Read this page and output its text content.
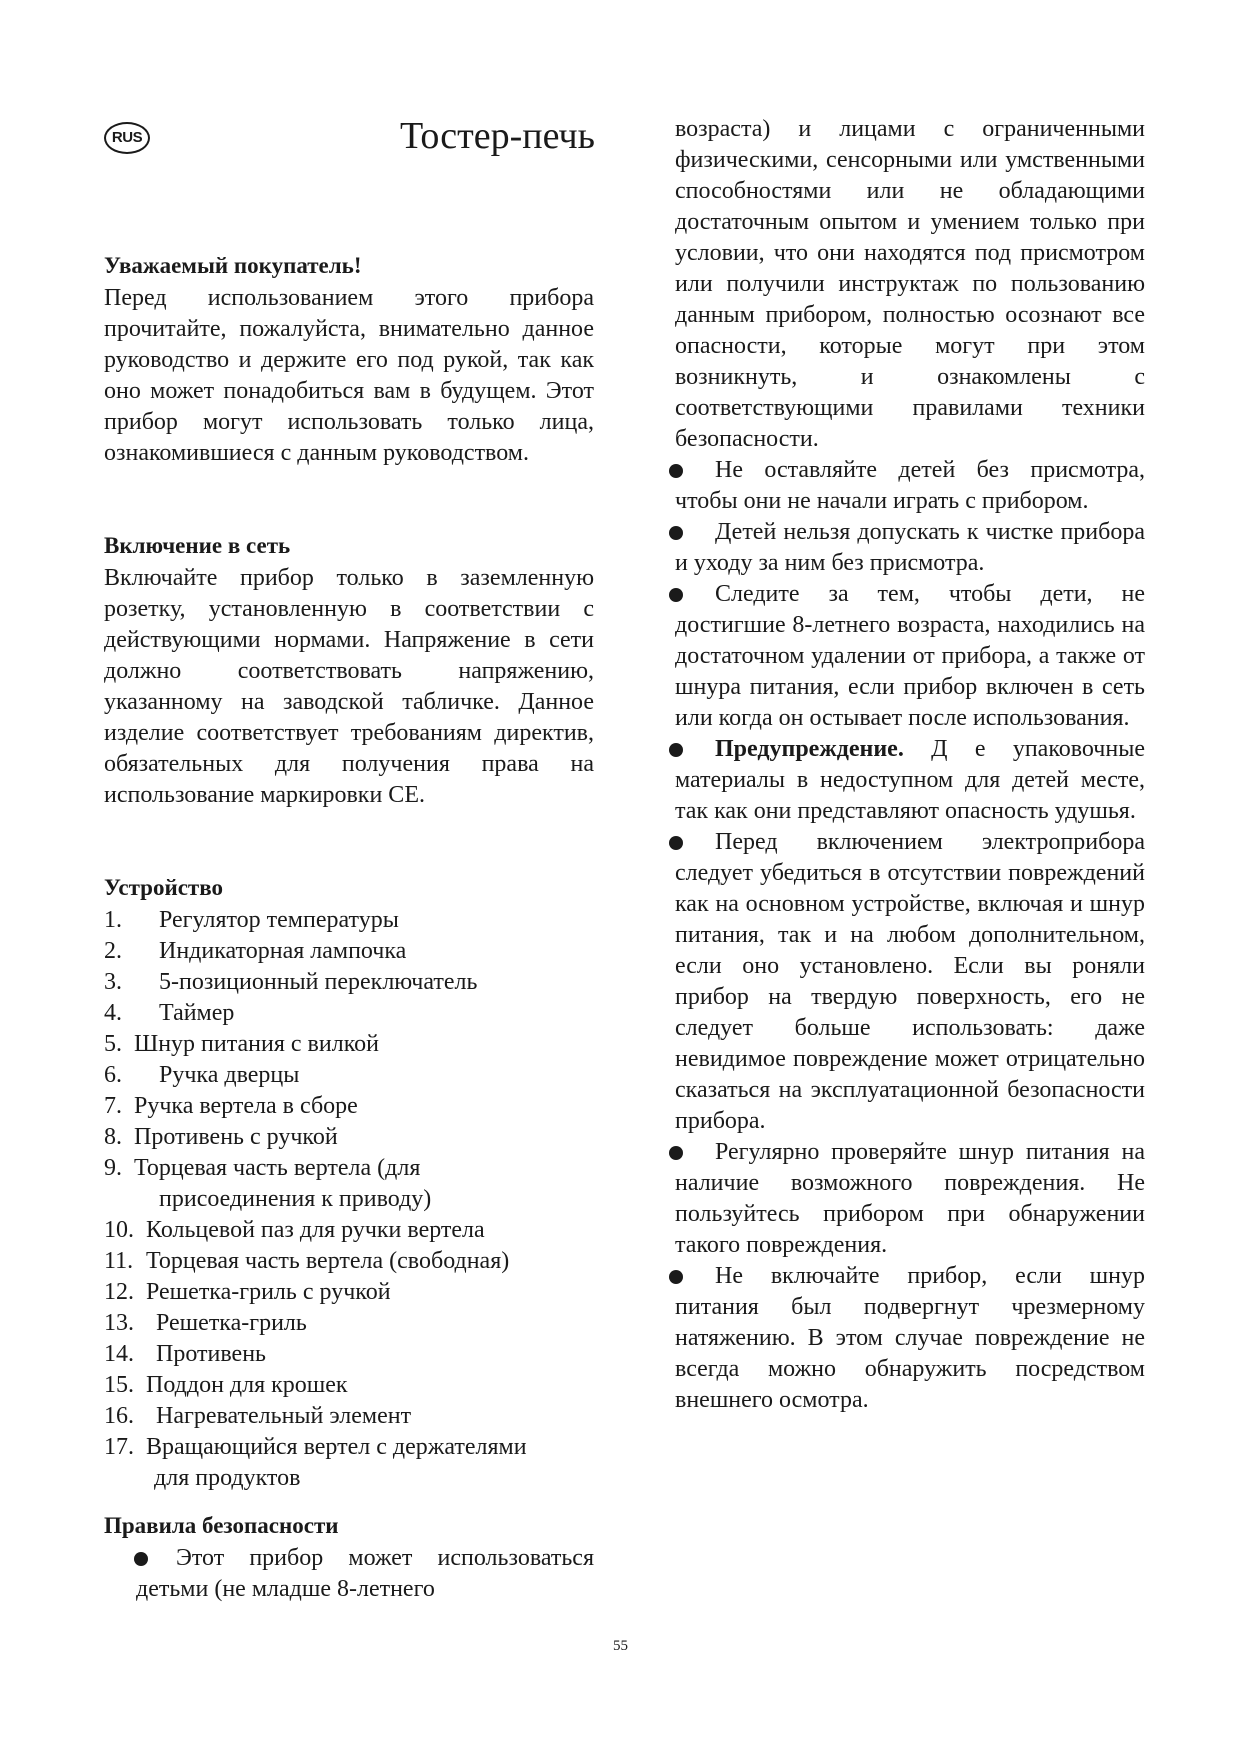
RUS	Тостер-печь
Уважаемый покупатель!

Перед использованием этого прибора прочитайте, пожалуйста, внимательно данное руководство и держите его под рукой, так как оно может понадобиться вам в будущем. Этот прибор могут использовать только лица, ознакомившиеся с данным руководством.

Включение в сеть

Включайте прибор только в заземленную розетку, установленную в соответствии с действующими нормами. Напряжение в сети должно соответствовать напряжению, указанному на заводской табличке. Данное изделие соответствует требованиям директив, обязательных для получения права на использование маркировки CE.

Устройство
1.	Регулятор температуры
2.	Индикаторная лампочка
3.	5-позиционный переключатель
4.	Таймер
5. Шнур питания с вилкой
6.	Ручка дверцы
7. Ручка вертела в сборе
8. Противень с ручкой
9. Торцевая часть вертела (для
присоединения к приводу)
10. Кольцевой паз для ручки вертела
11. Торцевая часть вертела (свободная)
12. Решетка-гриль с ручкой
13. Решетка-гриль
14. Противень
15. Поддон для крошек
16. Нагревательный элемент
17. Вращающийся вертел с держателями
для продуктов
Правила безопасности
Этот прибор может использоваться детьми (не младше 8-летнего

возраста) и лицами с ограниченными физическими, сенсорными или умственными способностями или не обладающими достаточным опытом и умением только при условии, что они находятся под присмотром или получили инструктаж по пользованию данным прибором, полностью осознают все опасности, которые могут при этом возникнуть, и ознакомлены с соответствующими правилами техники безопасности.

Не оставляйте детей без присмотра, чтобы они не начали играть с прибором.
Детей нельзя допускать к чистке прибора и уходу за ним без присмотра.
Следите за тем, чтобы дети, не достигшие 8-летнего возраста, находились на достаточном удалении от прибора, а также от шнура питания, если прибор включен в сеть или когда он остывает после использования.
Предупреждение. Д е упаковочные материалы в недоступном для детей месте, так как они представляют опасность удушья.
Перед включением электроприбора следует убедиться в отсутствии повреждений как на основном устройстве, включая и шнур питания, так и на любом дополнительном, если оно установлено. Если вы роняли прибор на твердую поверхность, его не следует больше использовать: даже невидимое повреждение может отрицательно сказаться на эксплуатационной безопасности прибора.
Регулярно проверяйте шнур питания на наличие возможного повреждения. Не пользуйтесь прибором при обнаружении такого повреждения.
Не включайте прибор, если шнур питания был подвергнут чрезмерному натяжению. В этом случае повреждение не всегда можно обнаружить посредством внешнего осмотра.
55
